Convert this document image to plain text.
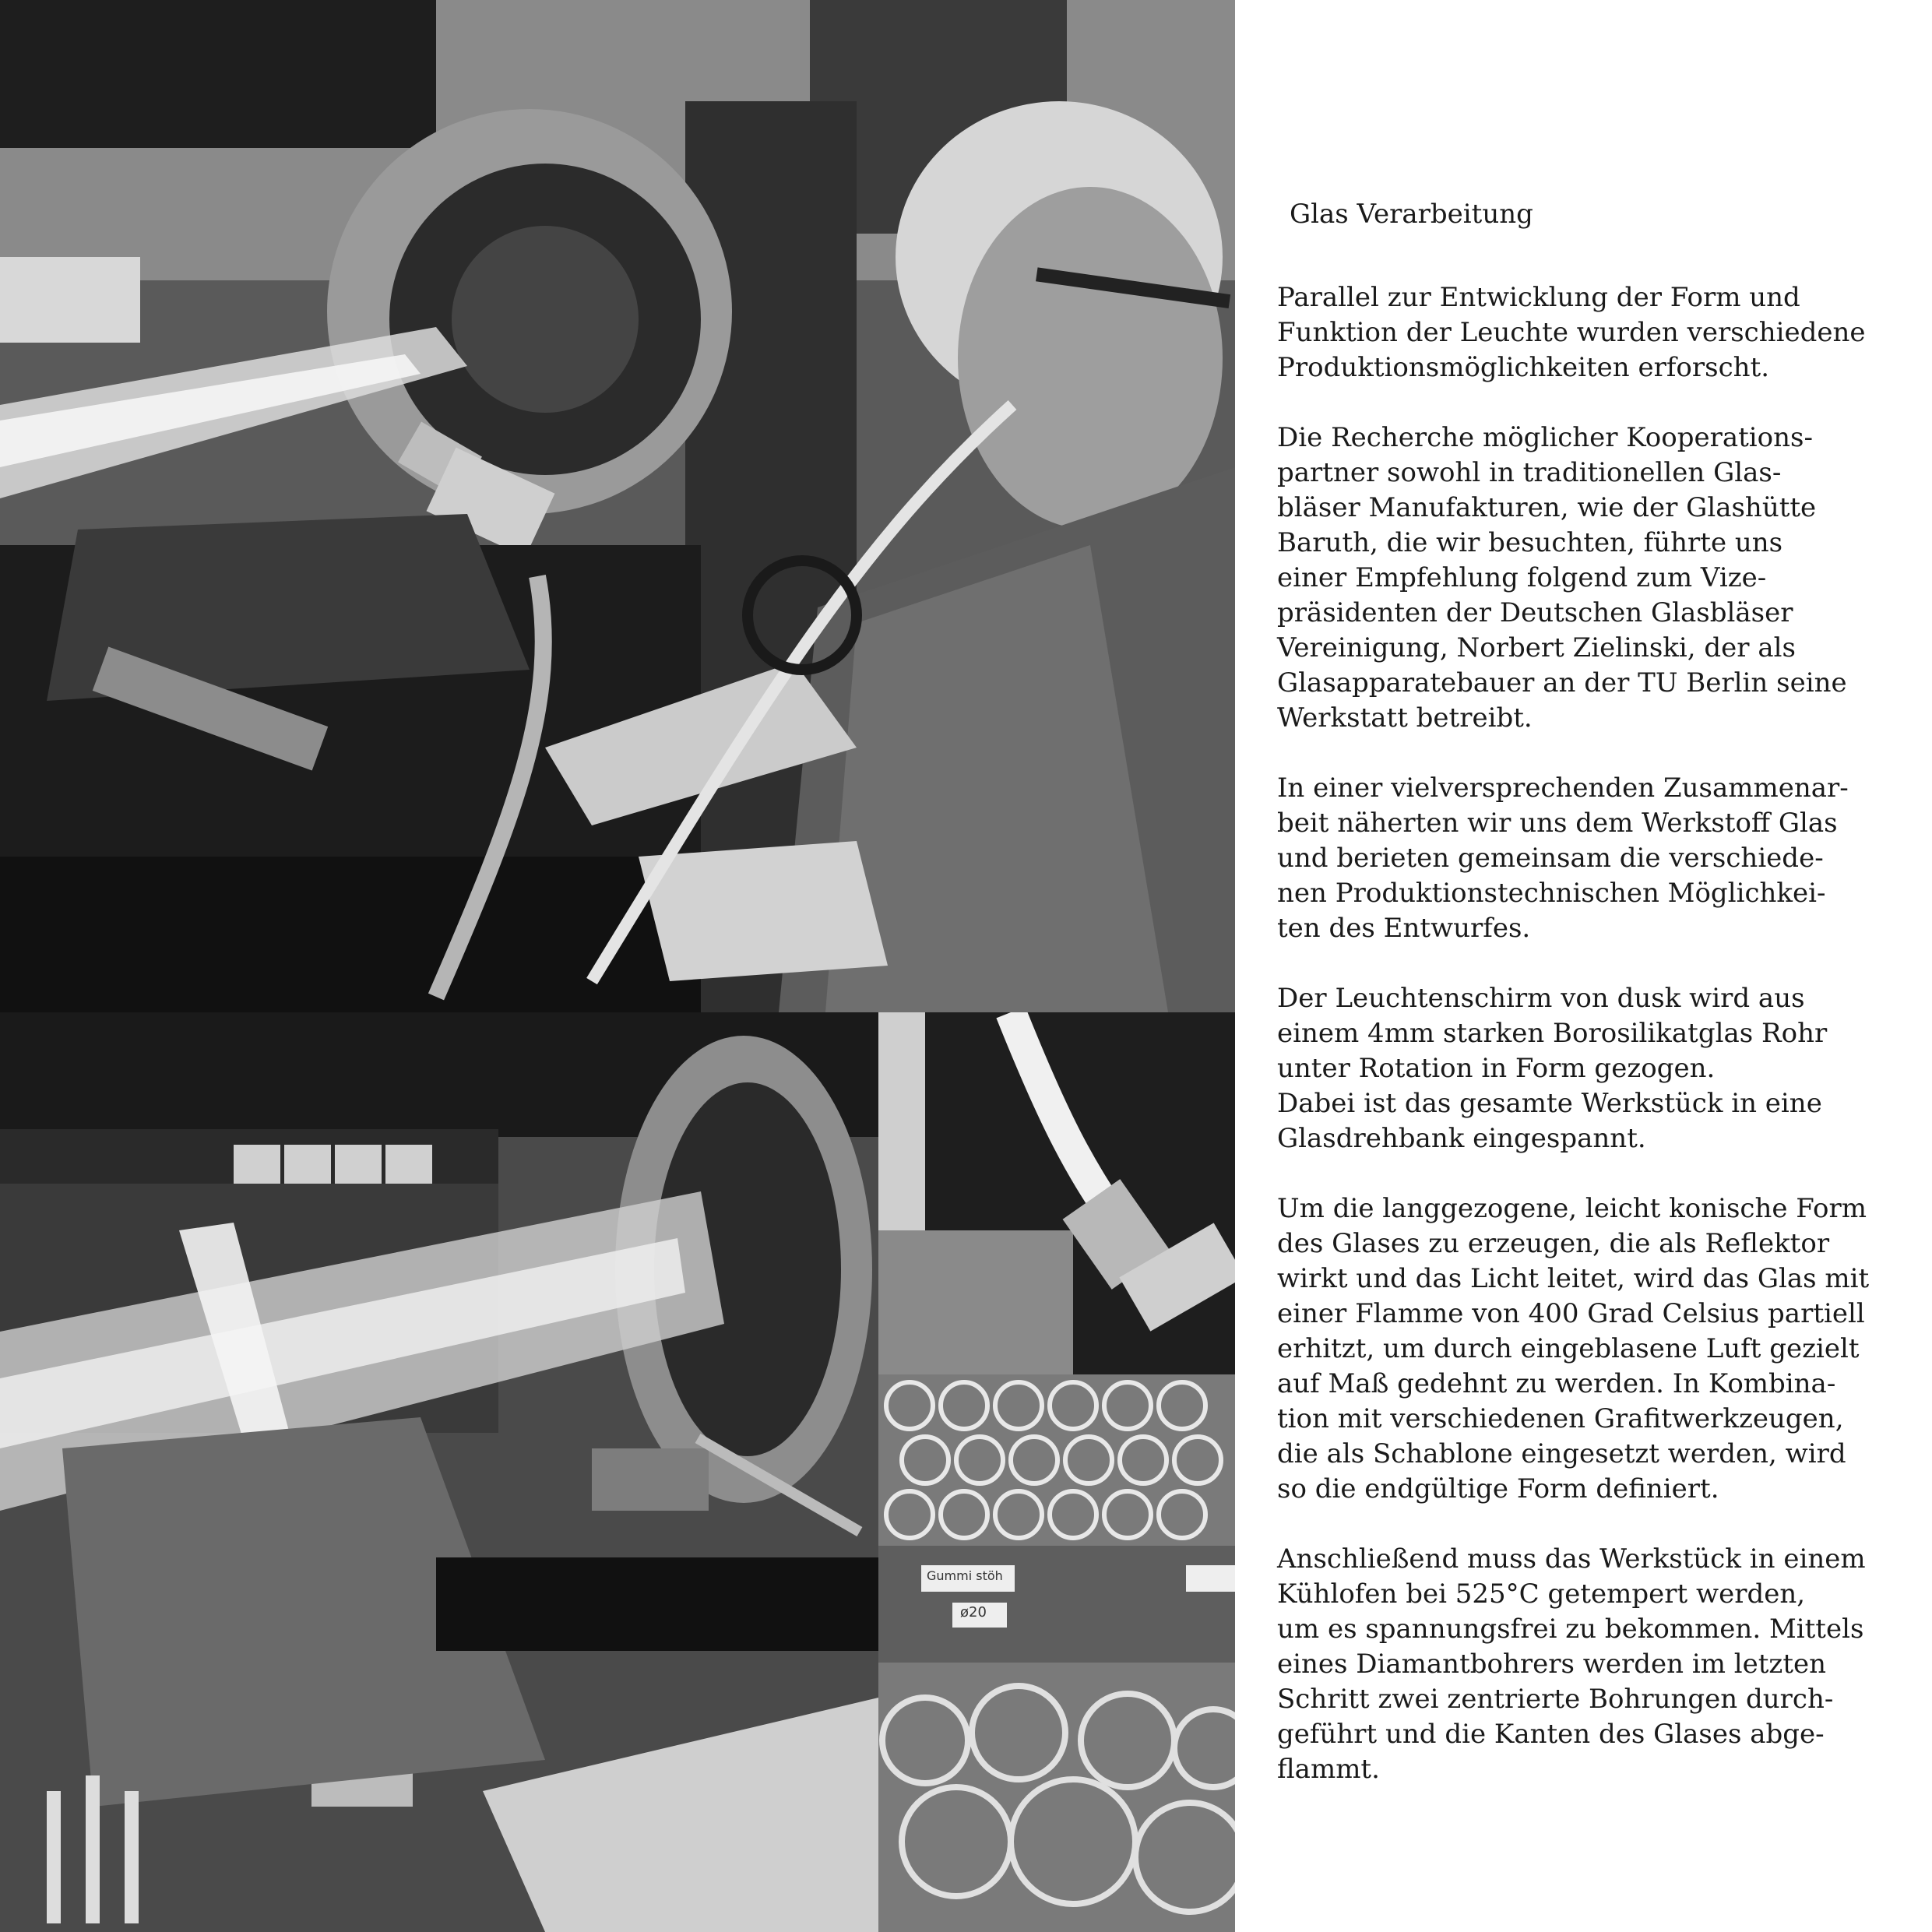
ø20
Gummi stöh
Glas Verarbeitung

Parallel zur Entwicklung der Form und
Funktion der Leuchte wurden verschiedene
Produktionsmöglichkeiten erforscht.

Die Recherche möglicher Kooperations-
partner sowohl in traditionellen Glas-
bläser Manufakturen, wie der Glashütte
Baruth, die wir besuchten, führte uns
einer Empfehlung folgend zum Vize-
präsidenten der Deutschen Glasbläser
Vereinigung, Norbert Zielinski, der als
Glasapparatebauer an der TU Berlin seine
Werkstatt betreibt.

In einer vielversprechenden Zusammenar-
beit näherten wir uns dem Werkstoff Glas
und berieten gemeinsam die verschiede-
nen Produktionstechnischen Möglichkei-
ten des Entwurfes.

Der Leuchtenschirm von dusk wird aus
einem 4mm starken Borosilikatglas Rohr
unter Rotation in Form gezogen.
Dabei ist das gesamte Werkstück in eine
Glasdrehbank eingespannt.

Um die langgezogene, leicht konische Form
des Glases zu erzeugen, die als Reflektor
wirkt und das Licht leitet, wird das Glas mit
einer Flamme von 400 Grad Celsius partiell
erhitzt, um durch eingeblasene Luft gezielt
auf Maß gedehnt zu werden. In Kombina-
tion mit verschiedenen Grafitwerkzeugen,
die als Schablone eingesetzt werden, wird
so die endgültige Form definiert.

Anschließend muss das Werkstück in einem
Kühlofen bei 525°C getempert werden,
um es spannungsfrei zu bekommen. Mittels
eines Diamantbohrers werden im letzten
Schritt zwei zentrierte Bohrungen durch-
geführt und die Kanten des Glases abge-
flammt.
